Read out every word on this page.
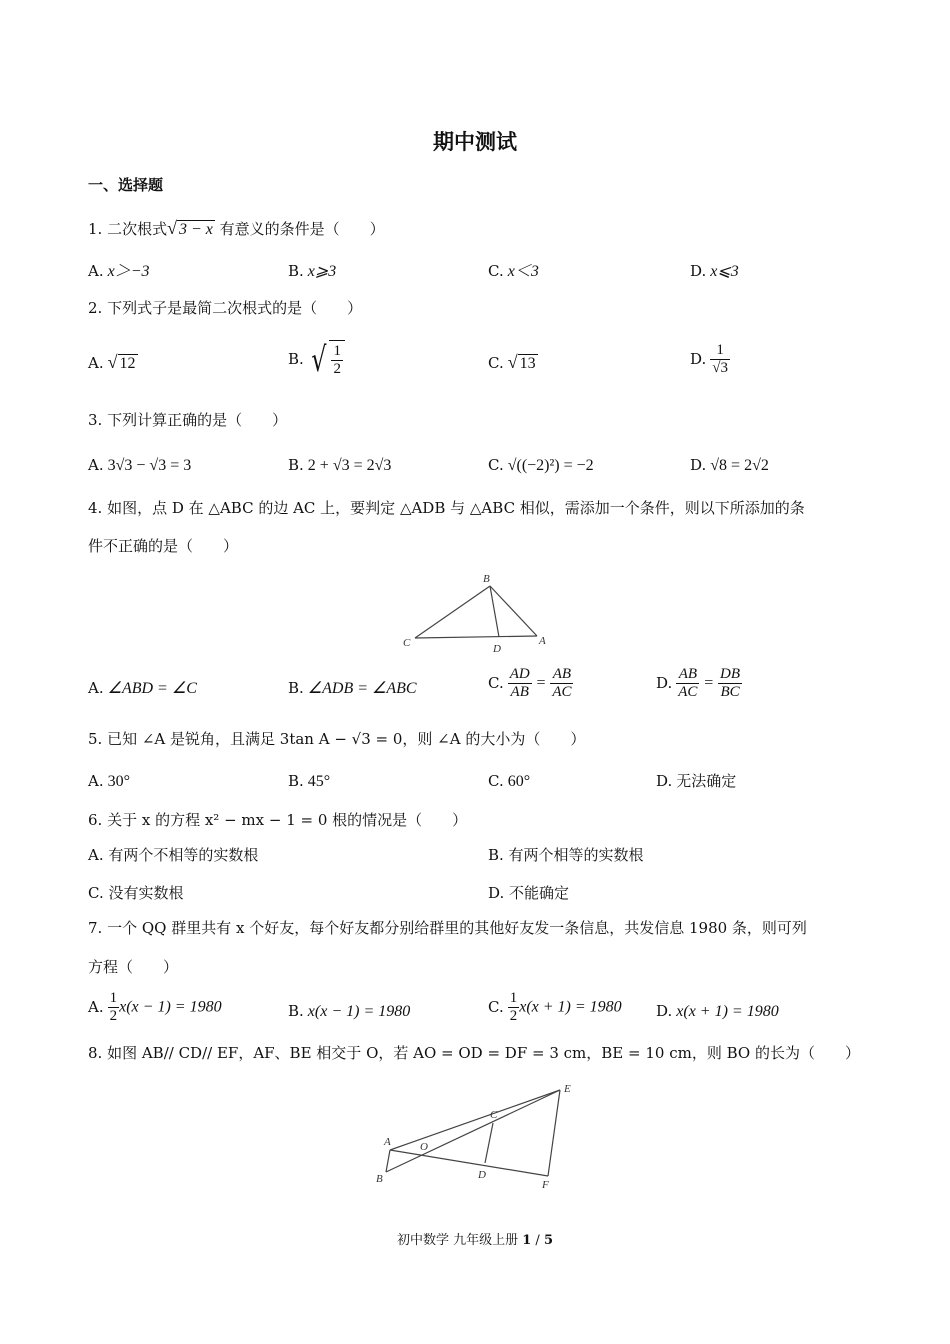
期中测试
一、选择题
1. 二次根式√ 3 − x 有意义的条件是（　　）
A. x＞−3	B. x⩾3	C. x＜3	D. x⩽3
2. 下列式子是最简二次根式的是（　　）
A. √ 12	B. √ $\frac{1}{2}$	C. √ 13	D. $\frac{1}{√3}$
3. 下列计算正确的是（　　）
A. 3√3 − √3 = 3	B. 2 + √3 = 2√3	C. √((−2)²) = −2	D. √8 = 2√2
4. 如图，点 D 在 △ABC 的边 AC 上，要判定 △ADB 与 △ABC 相似，需添加一个条件，则以下所添加的条
件不正确的是（　　）
B
C	D
A
A. ∠ABD = ∠C	B. ∠ADB = ∠ABC	C. $\frac{AD}{AB} = \frac{AB}{AC}$	D. $\frac{AB}{AC} = \frac{DB}{BC}$
5. 已知 ∠A 是锐角，且满足 3tan A − √3 = 0，则 ∠A 的大小为（　　）
A. 30°	B. 45°	C. 60°	D. 无法确定
6. 关于 x 的方程 x² − mx − 1 = 0 根的情况是（　　）
A. 有两个不相等的实数根	B. 有两个相等的实数根
C. 没有实数根	D. 不能确定
7. 一个 QQ 群里共有 x 个好友，每个好友都分别给群里的其他好友发一条信息，共发信息 1980 条，则可列
方程（　　）
A. $\frac{1}{2} x(x - 1) = 1980$	B. x(x − 1) = 1980	C. $\frac{1}{2} x(x + 1) = 1980$ D. x(x + 1) = 1980
8. 如图 AB// CD// EF，AF、BE 相交于 O，若 AO = OD = DF = 3 cm，BE = 10 cm，则 BO 的长为（　　）
A	O
C
E
B	D
F
初中数学 九年级上册 1 / 5
